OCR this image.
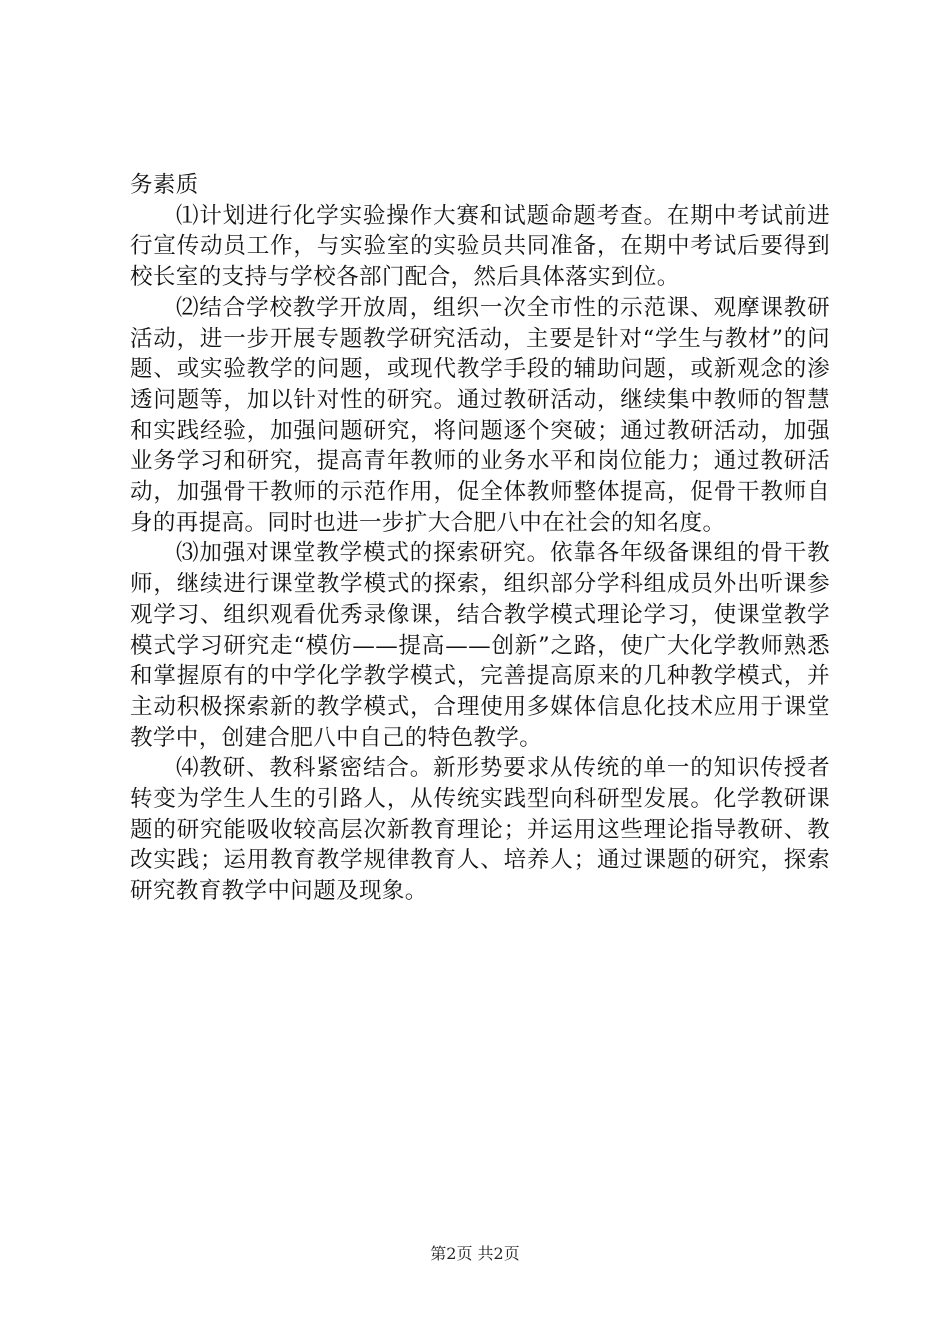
务素质

⑴计划进行化学实验操作大赛和试题命题考查。在期中考试前进行宣传动员工作，与实验室的实验员共同准备，在期中考试后要得到校长室的支持与学校各部门配合，然后具体落实到位。

⑵结合学校教学开放周，组织一次全市性的示范课、观摩课教研活动，进一步开展专题教学研究活动，主要是针对“学生与教材”的问题、或实验教学的问题，或现代教学手段的辅助问题，或新观念的渗透问题等，加以针对性的研究。通过教研活动，继续集中教师的智慧和实践经验，加强问题研究，将问题逐个突破；通过教研活动，加强业务学习和研究，提高青年教师的业务水平和岗位能力；通过教研活动，加强骨干教师的示范作用，促全体教师整体提高，促骨干教师自身的再提高。同时也进一步扩大合肥八中在社会的知名度。

⑶加强对课堂教学模式的探索研究。依靠各年级备课组的骨干教师，继续进行课堂教学模式的探索，组织部分学科组成员外出听课参观学习、组织观看优秀录像课，结合教学模式理论学习，使课堂教学模式学习研究走“模仿——提高——创新”之路，使广大化学教师熟悉和掌握原有的中学化学教学模式，完善提高原来的几种教学模式，并主动积极探索新的教学模式，合理使用多媒体信息化技术应用于课堂教学中，创建合肥八中自己的特色教学。

⑷教研、教科紧密结合。新形势要求从传统的单一的知识传授者转变为学生人生的引路人，从传统实践型向科研型发展。化学教研课题的研究能吸收较高层次新教育理论；并运用这些理论指导教研、教改实践；运用教育教学规律教育人、培养人；通过课题的研究，探索研究教育教学中问题及现象。

第2页 共2页
